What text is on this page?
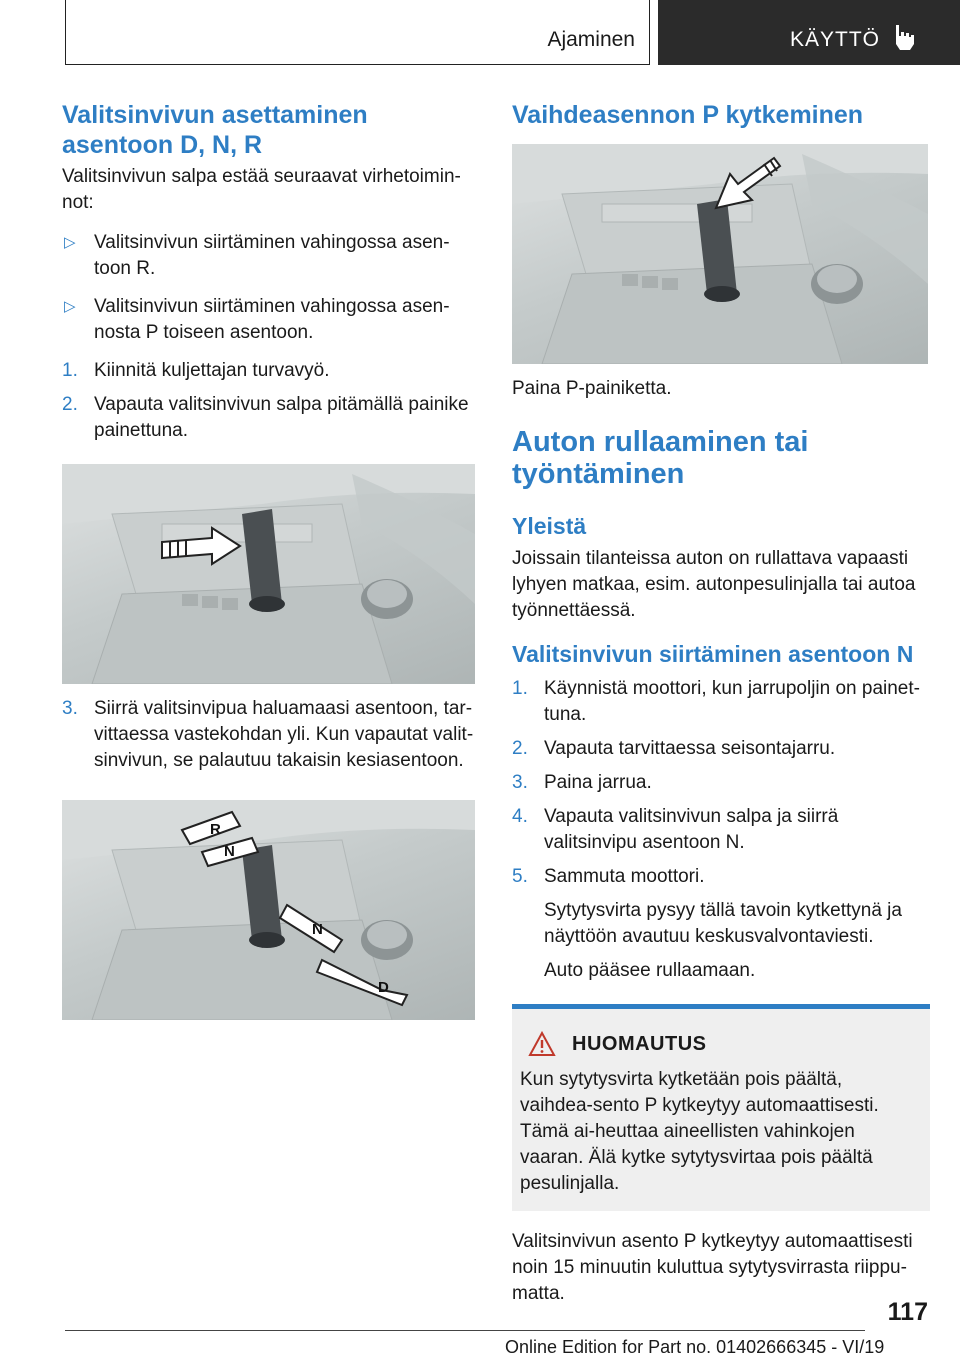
Ajaminen	KÄYTTÖ
Valitsinvivun asettaminen asentoon D, N, R
Valitsinvivun salpa estää seuraavat virhetoimin-not:
▷ Valitsinvivun siirtäminen vahingossa asen-toon R.
▷ Valitsinvivun siirtäminen vahingossa asen-nosta P toiseen asentoon.
1. Kiinnitä kuljettajan turvavyö.
2. Vapauta valitsinvivun salpa pitämällä painike painettuna.
3. Siirrä valitsinvipua haluamaasi asentoon, tar-vittaessa vastekohdan yli. Kun vapautat valit-sinvivun, se palautuu takaisin kesiasentoon.
R
N
N
D
Vaihdeasennon P kytkeminen
Paina P-painiketta.
Auton rullaaminen tai työntäminen
Yleistä
Joissain tilanteissa auton on rullattava vapaasti lyhyen matkaa, esim. autonpesulinjalla tai autoa työnnettäessä.
Valitsinvivun siirtäminen asentoon N
1. Käynnistä moottori, kun jarrupoljin on painet-tuna.
2. Vapauta tarvittaessa seisontajarru.
3. Paina jarrua.
4. Vapauta valitsinvivun salpa ja siirrä valitsinvipu asentoon N.
5. Sammuta moottori.
Sytytysvirta pysyy tällä tavoin kytkettynä ja näyttöön avautuu keskusvalvontaviesti.
Auto pääsee rullaamaan.
HUOMAUTUS
Kun sytytysvirta kytketään pois päältä, vaihdea-sento P kytkeytyy automaattisesti. Tämä ai-heuttaa aineellisten vahinkojen vaaran. Älä kytke sytytysvirtaa pois päältä pesulinjalla.
Valitsinvivun asento P kytkeytyy automaattisesti noin 15 minuutin kuluttua sytytysvirrasta riippu-matta.
117
Online Edition for Part no. 01402666345 - VI/19
